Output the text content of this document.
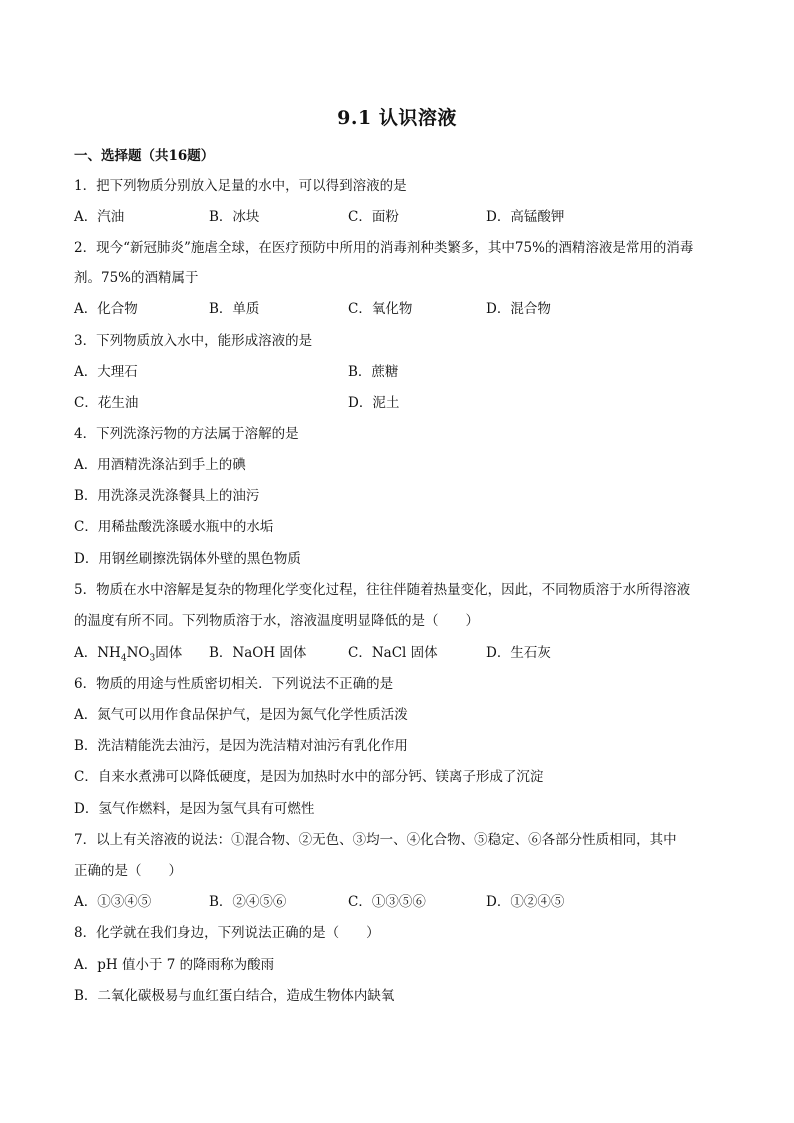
9.1 认识溶液
一、选择题（共16题）
1．把下列物质分别放入足量的水中，可以得到溶液的是
A．汽油	B．冰块	C．面粉	D．高锰酸钾
2．现今“新冠肺炎”施虐全球，在医疗预防中所用的消毒剂种类繁多，其中75%的酒精溶液是常用的消毒
剂。75%的酒精属于
A．化合物	B．单质	C．氧化物	D．混合物
3．下列物质放入水中，能形成溶液的是
A．大理石	B．蔗糖
C．花生油	D．泥土
4．下列洗涤污物的方法属于溶解的是
A．用酒精洗涤沾到手上的碘
B．用洗涤灵洗涤餐具上的油污
C．用稀盐酸洗涤暖水瓶中的水垢
D．用钢丝刷擦洗锅体外壁的黑色物质
5．物质在水中溶解是复杂的物理化学变化过程，往往伴随着热量变化，因此，不同物质溶于水所得溶液
的温度有所不同。下列物质溶于水，溶液温度明显降低的是（　　）
A．$NH_4NO_3$固体 B．NaOH 固体	C．NaCl 固体	D．生石灰
6．物质的用途与性质密切相关．下列说法不正确的是
A．氮气可以用作食品保护气，是因为氮气化学性质活泼
B．洗洁精能洗去油污，是因为洗洁精对油污有乳化作用
C．自来水煮沸可以降低硬度，是因为加热时水中的部分钙、镁离子形成了沉淀
D．氢气作燃料，是因为氢气具有可燃性
7．以上有关溶液的说法：①混合物、②无色、③均一、④化合物、⑤稳定、⑥各部分性质相同，其中
正确的是（　　）
A．①③④⑤	B．②④⑤⑥	C．①③⑤⑥	D．①②④⑤
8．化学就在我们身边，下列说法正确的是（　　）
A．pH 值小于 7 的降雨称为酸雨
B．二氧化碳极易与血红蛋白结合，造成生物体内缺氧
